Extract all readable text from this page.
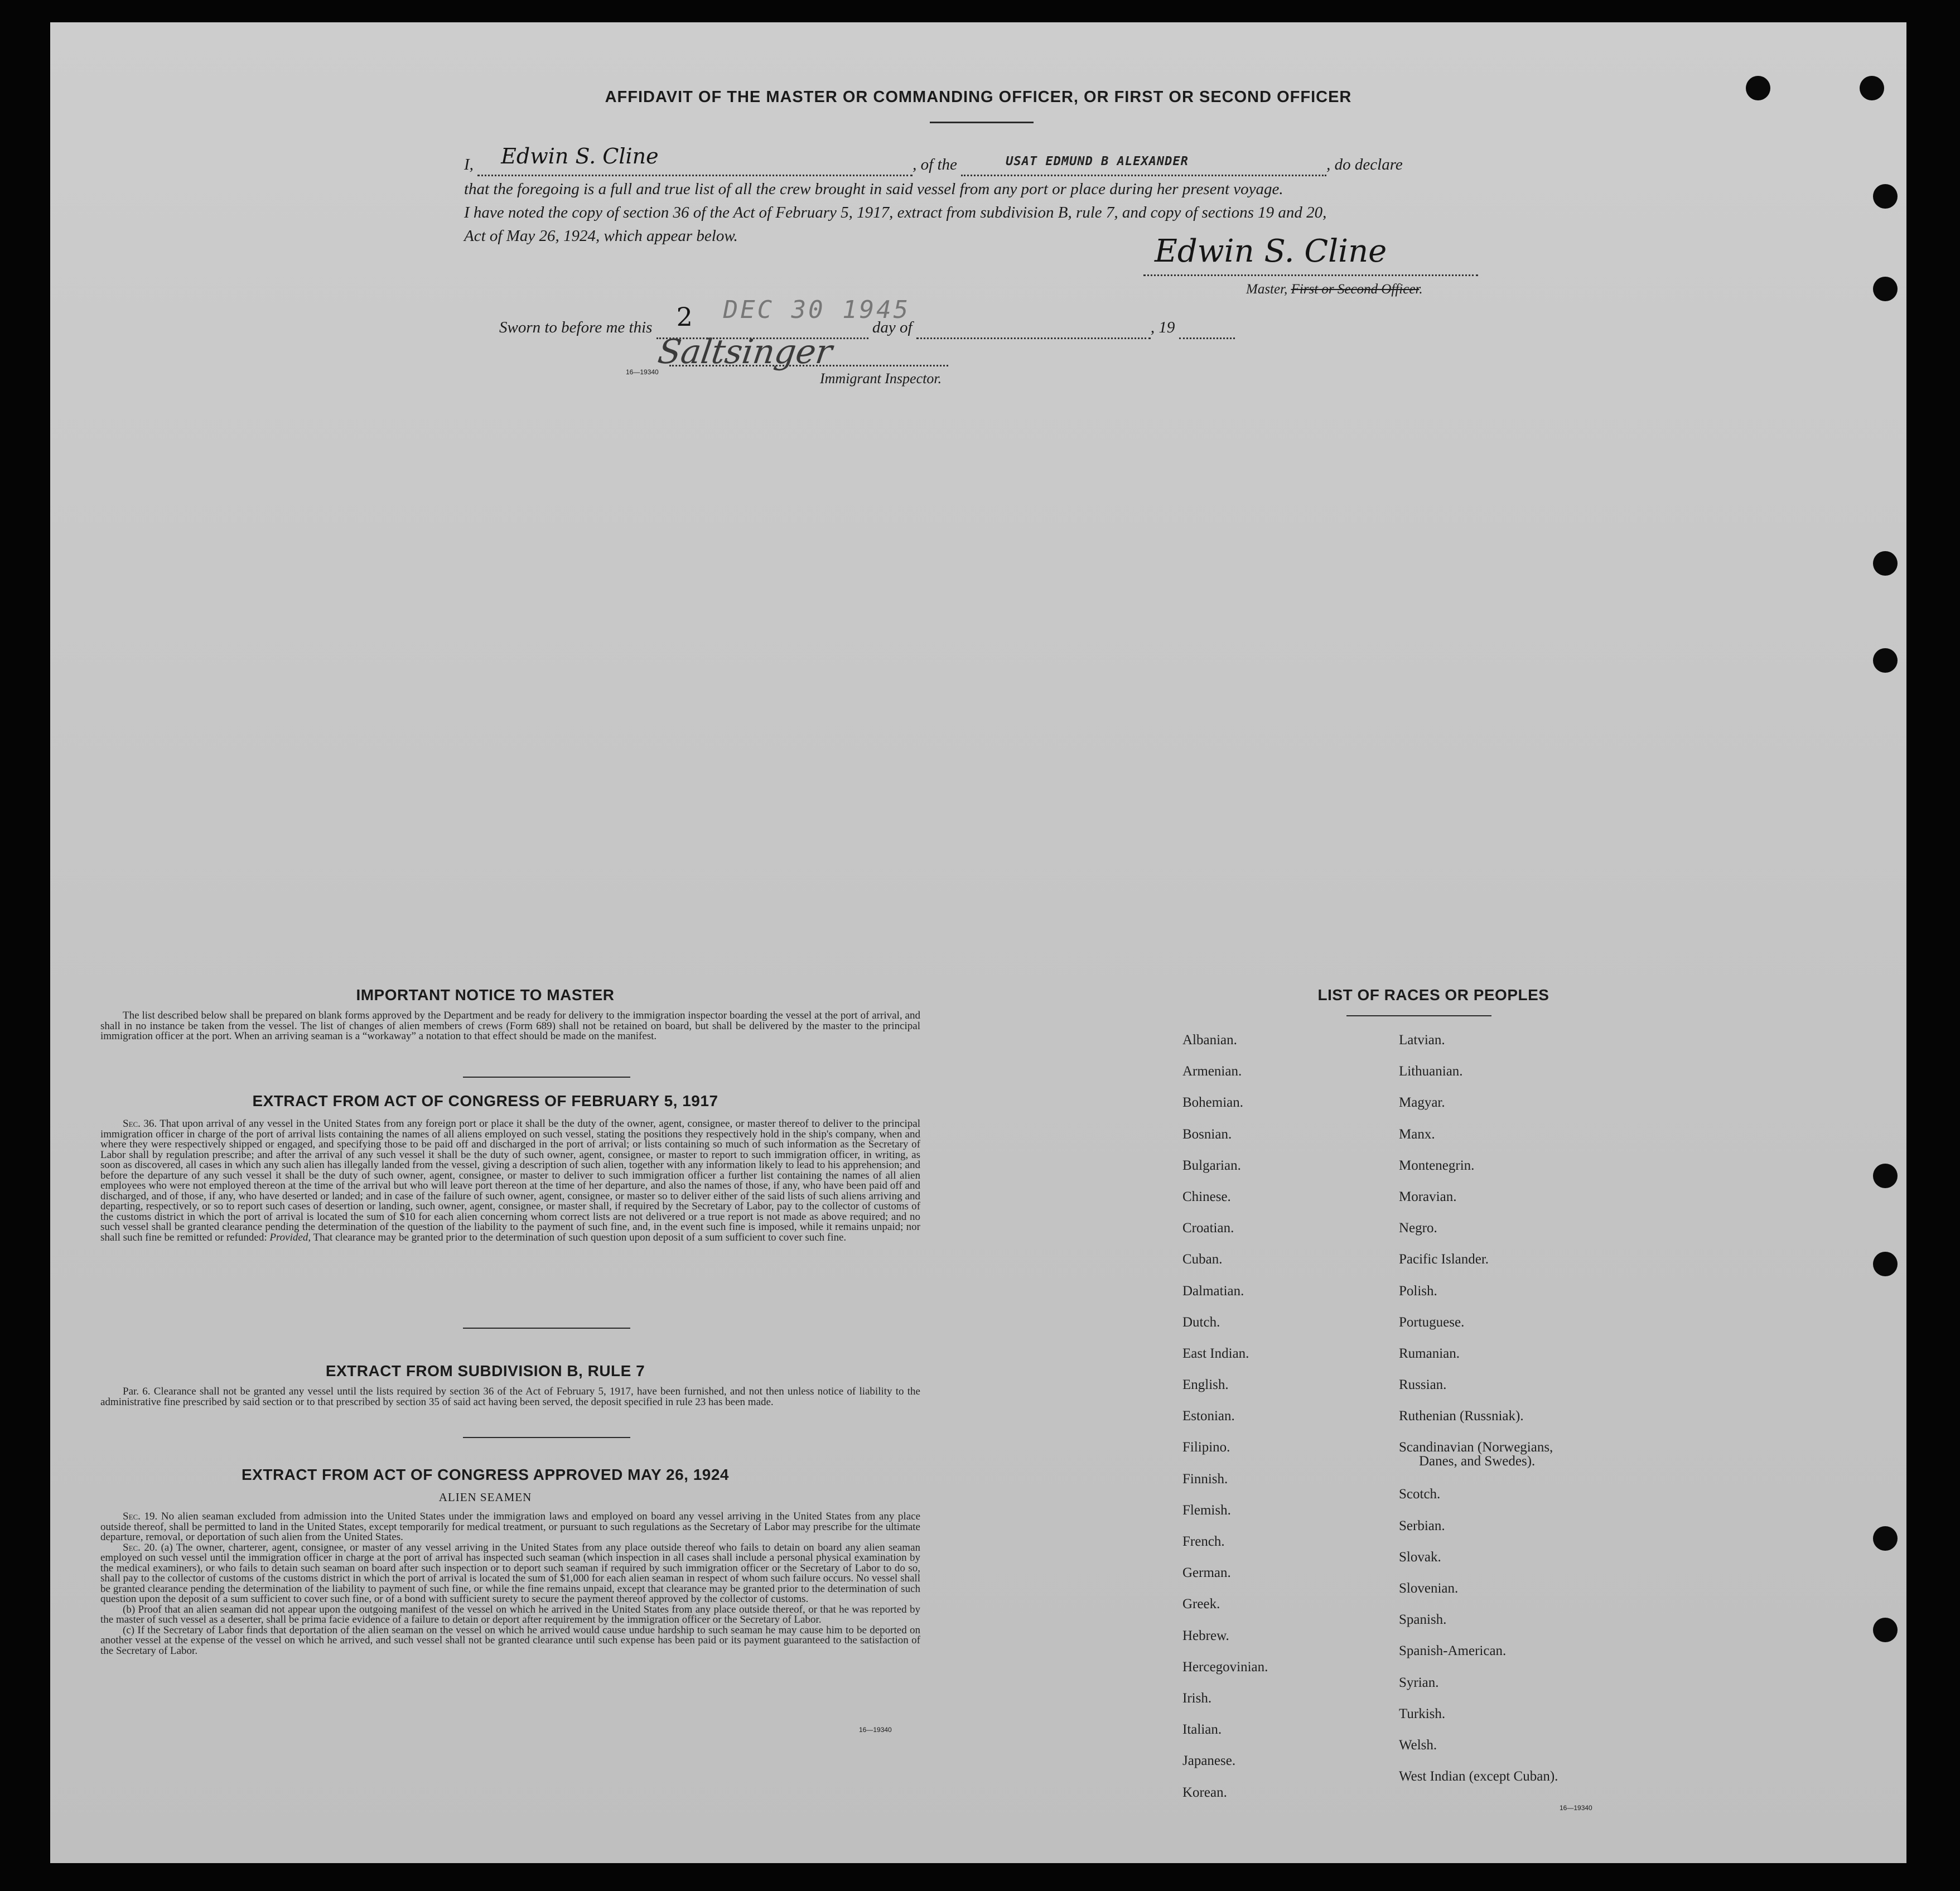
AFFIDAVIT OF THE MASTER OR COMMANDING OFFICER, OR FIRST OR SECOND OFFICER
I, Edwin S. Cline	, of the	USAT EDMUND B ALEXANDER	, do declare
that the foregoing is a full and true list of all the crew brought in said vessel from any port or place during her present voyage.
I have noted the copy of section 36 of the Act of February 5, 1917, extract from subdivision B, rule 7, and copy of sections 19 and 20,
Act of May 26, 1924, which appear below.	Edwin S. Cline
Master, First or Second Officer.
Sworn to before me this 2 DEC 30 1945
day of	, 19
Saltsinger
16—19340	Immigrant Inspector.
IMPORTANT NOTICE TO MASTER

The list described below shall be prepared on blank forms approved by the Department and be ready for delivery to the immigration inspector boarding the vessel at the port of arrival, and shall in no instance be taken from the vessel. The list of changes of alien members of crews (Form 689) shall not be retained on board, but shall be delivered by the master to the principal immigration officer at the port. When an arriving seaman is a “workaway” a notation to that effect should be made on the manifest.

EXTRACT FROM ACT OF CONGRESS OF FEBRUARY 5, 1917

Sec. 36. That upon arrival of any vessel in the United States from any foreign port or place it shall be the duty of the owner, agent, consignee, or master thereof to deliver to the principal immigration officer in charge of the port of arrival lists containing the names of all aliens employed on such vessel, stating the positions they respectively hold in the ship's company, when and where they were respectively shipped or engaged, and specifying those to be paid off and discharged in the port of arrival; or lists containing so much of such information as the Secretary of Labor shall by regulation prescribe; and after the arrival of any such vessel it shall be the duty of such owner, agent, consignee, or master to report to such immigration officer, in writing, as soon as discovered, all cases in which any such alien has illegally landed from the vessel, giving a description of such alien, together with any information likely to lead to his apprehension; and before the departure of any such vessel it shall be the duty of such owner, agent, consignee, or master to deliver to such immigration officer a further list containing the names of all alien employees who were not employed thereon at the time of the arrival but who will leave port thereon at the time of her departure, and also the names of those, if any, who have been paid off and discharged, and of those, if any, who have deserted or landed; and in case of the failure of such owner, agent, consignee, or master so to deliver either of the said lists of such aliens arriving and departing, respectively, or so to report such cases of desertion or landing, such owner, agent, consignee, or master shall, if required by the Secretary of Labor, pay to the collector of customs of the customs district in which the port of arrival is located the sum of $10 for each alien concerning whom correct lists are not delivered or a true report is not made as above required; and no such vessel shall be granted clearance pending the determination of the question of the liability to the payment of such fine, and, in the event such fine is imposed, while it remains unpaid; nor shall such fine be remitted or refunded: Provided, That clearance may be granted prior to the determination of such question upon deposit of a sum sufficient to cover such fine.

EXTRACT FROM SUBDIVISION B, RULE 7

Par. 6. Clearance shall not be granted any vessel until the lists required by section 36 of the Act of February 5, 1917, have been furnished, and not then unless notice of liability to the administrative fine prescribed by said section or to that prescribed by section 35 of said act having been served, the deposit specified in rule 23 has been made.

EXTRACT FROM ACT OF CONGRESS APPROVED MAY 26, 1924
ALIEN SEAMEN

Sec. 19. No alien seaman excluded from admission into the United States under the immigration laws and employed on board any vessel arriving in the United States from any place outside thereof, shall be permitted to land in the United States, except temporarily for medical treatment, or pursuant to such regulations as the Secretary of Labor may prescribe for the ultimate departure, removal, or deportation of such alien from the United States.

Sec. 20. (a) The owner, charterer, agent, consignee, or master of any vessel arriving in the United States from any place outside thereof who fails to detain on board any alien seaman employed on such vessel until the immigration officer in charge at the port of arrival has inspected such seaman (which inspection in all cases shall include a personal physical examination by the medical examiners), or who fails to detain such seaman on board after such inspection or to deport such seaman if required by such immigration officer or the Secretary of Labor to do so, shall pay to the collector of customs of the customs district in which the port of arrival is located the sum of $1,000 for each alien seaman in respect of whom such failure occurs. No vessel shall be granted clearance pending the determination of the liability to payment of such fine, or while the fine remains unpaid, except that clearance may be granted prior to the determination of such question upon the deposit of a sum sufficient to cover such fine, or of a bond with sufficient surety to secure the payment thereof approved by the collector of customs.

(b) Proof that an alien seaman did not appear upon the outgoing manifest of the vessel on which he arrived in the United States from any place outside thereof, or that he was reported by the master of such vessel as a deserter, shall be prima facie evidence of a failure to detain or deport after requirement by the immigration officer or the Secretary of Labor.

(c) If the Secretary of Labor finds that deportation of the alien seaman on the vessel on which he arrived would cause undue hardship to such seaman he may cause him to be deported on another vessel at the expense of the vessel on which he arrived, and such vessel shall not be granted clearance until such expense has been paid or its payment guaranteed to the satisfaction of the Secretary of Labor.

16—19340
LIST OF RACES OR PEOPLES
Albanian.
Armenian.
Bohemian.
Bosnian.
Bulgarian.
Chinese.
Croatian.
Cuban.
Dalmatian.
Dutch.
East Indian.
English.
Estonian.
Filipino.
Finnish.
Flemish.
French.
German.
Greek.
Hebrew.
Hercegovinian.
Irish.
Italian.
Japanese.
Korean.
Latvian.
Lithuanian.
Magyar.
Manx.
Montenegrin.
Moravian.
Negro.
Pacific Islander.
Polish.
Portuguese.
Rumanian.
Russian.
Ruthenian (Russniak).
Scandinavian (Norwegians,
Danes, and Swedes).
Scotch.
Serbian.
Slovak.
Slovenian.
Spanish.
Spanish-American.
Syrian.
Turkish.
Welsh.
West Indian (except Cuban).
16—19340
